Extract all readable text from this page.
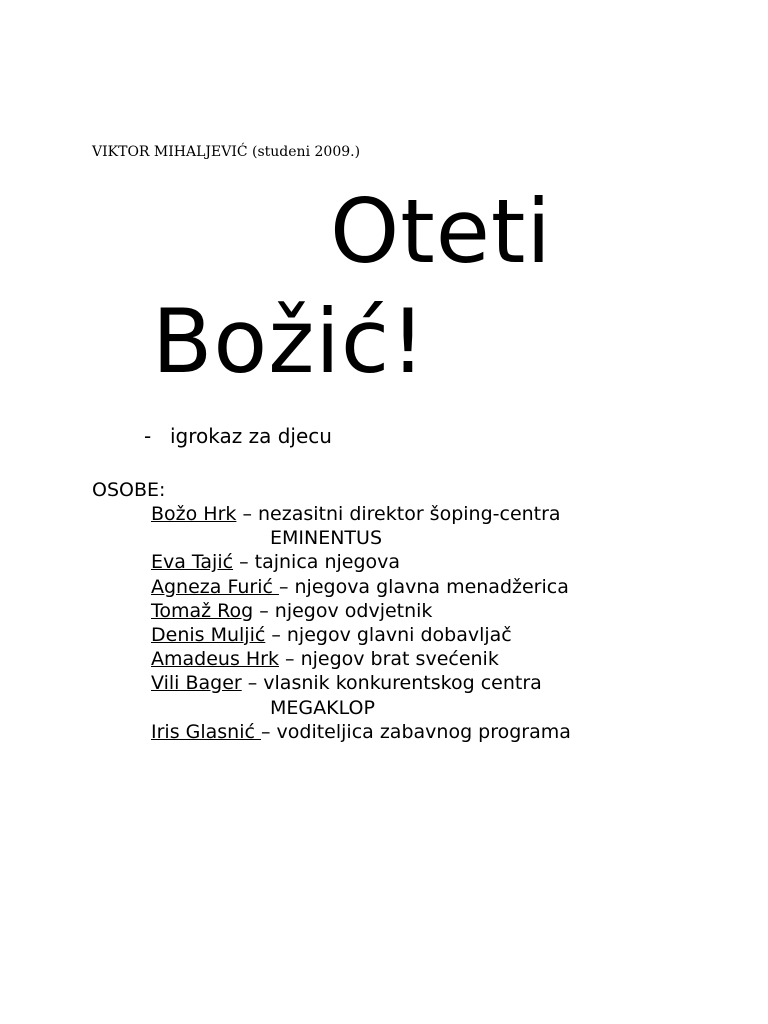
VIKTOR MIHALJEVIĆ (studeni 2009.)
Oteti
Božić!
- igrokaz za djecu
OSOBE:
Božo Hrk – nezasitni direktor šoping-centra
EMINENTUS
Eva Tajić – tajnica njegova
Agneza Furić – njegova glavna menadžerica
Tomaž Rog – njegov odvjetnik
Denis Muljić – njegov glavni dobavljač
Amadeus Hrk – njegov brat svećenik
Vili Bager – vlasnik konkurentskog centra
MEGAKLOP
Iris Glasnić – voditeljica zabavnog programa
